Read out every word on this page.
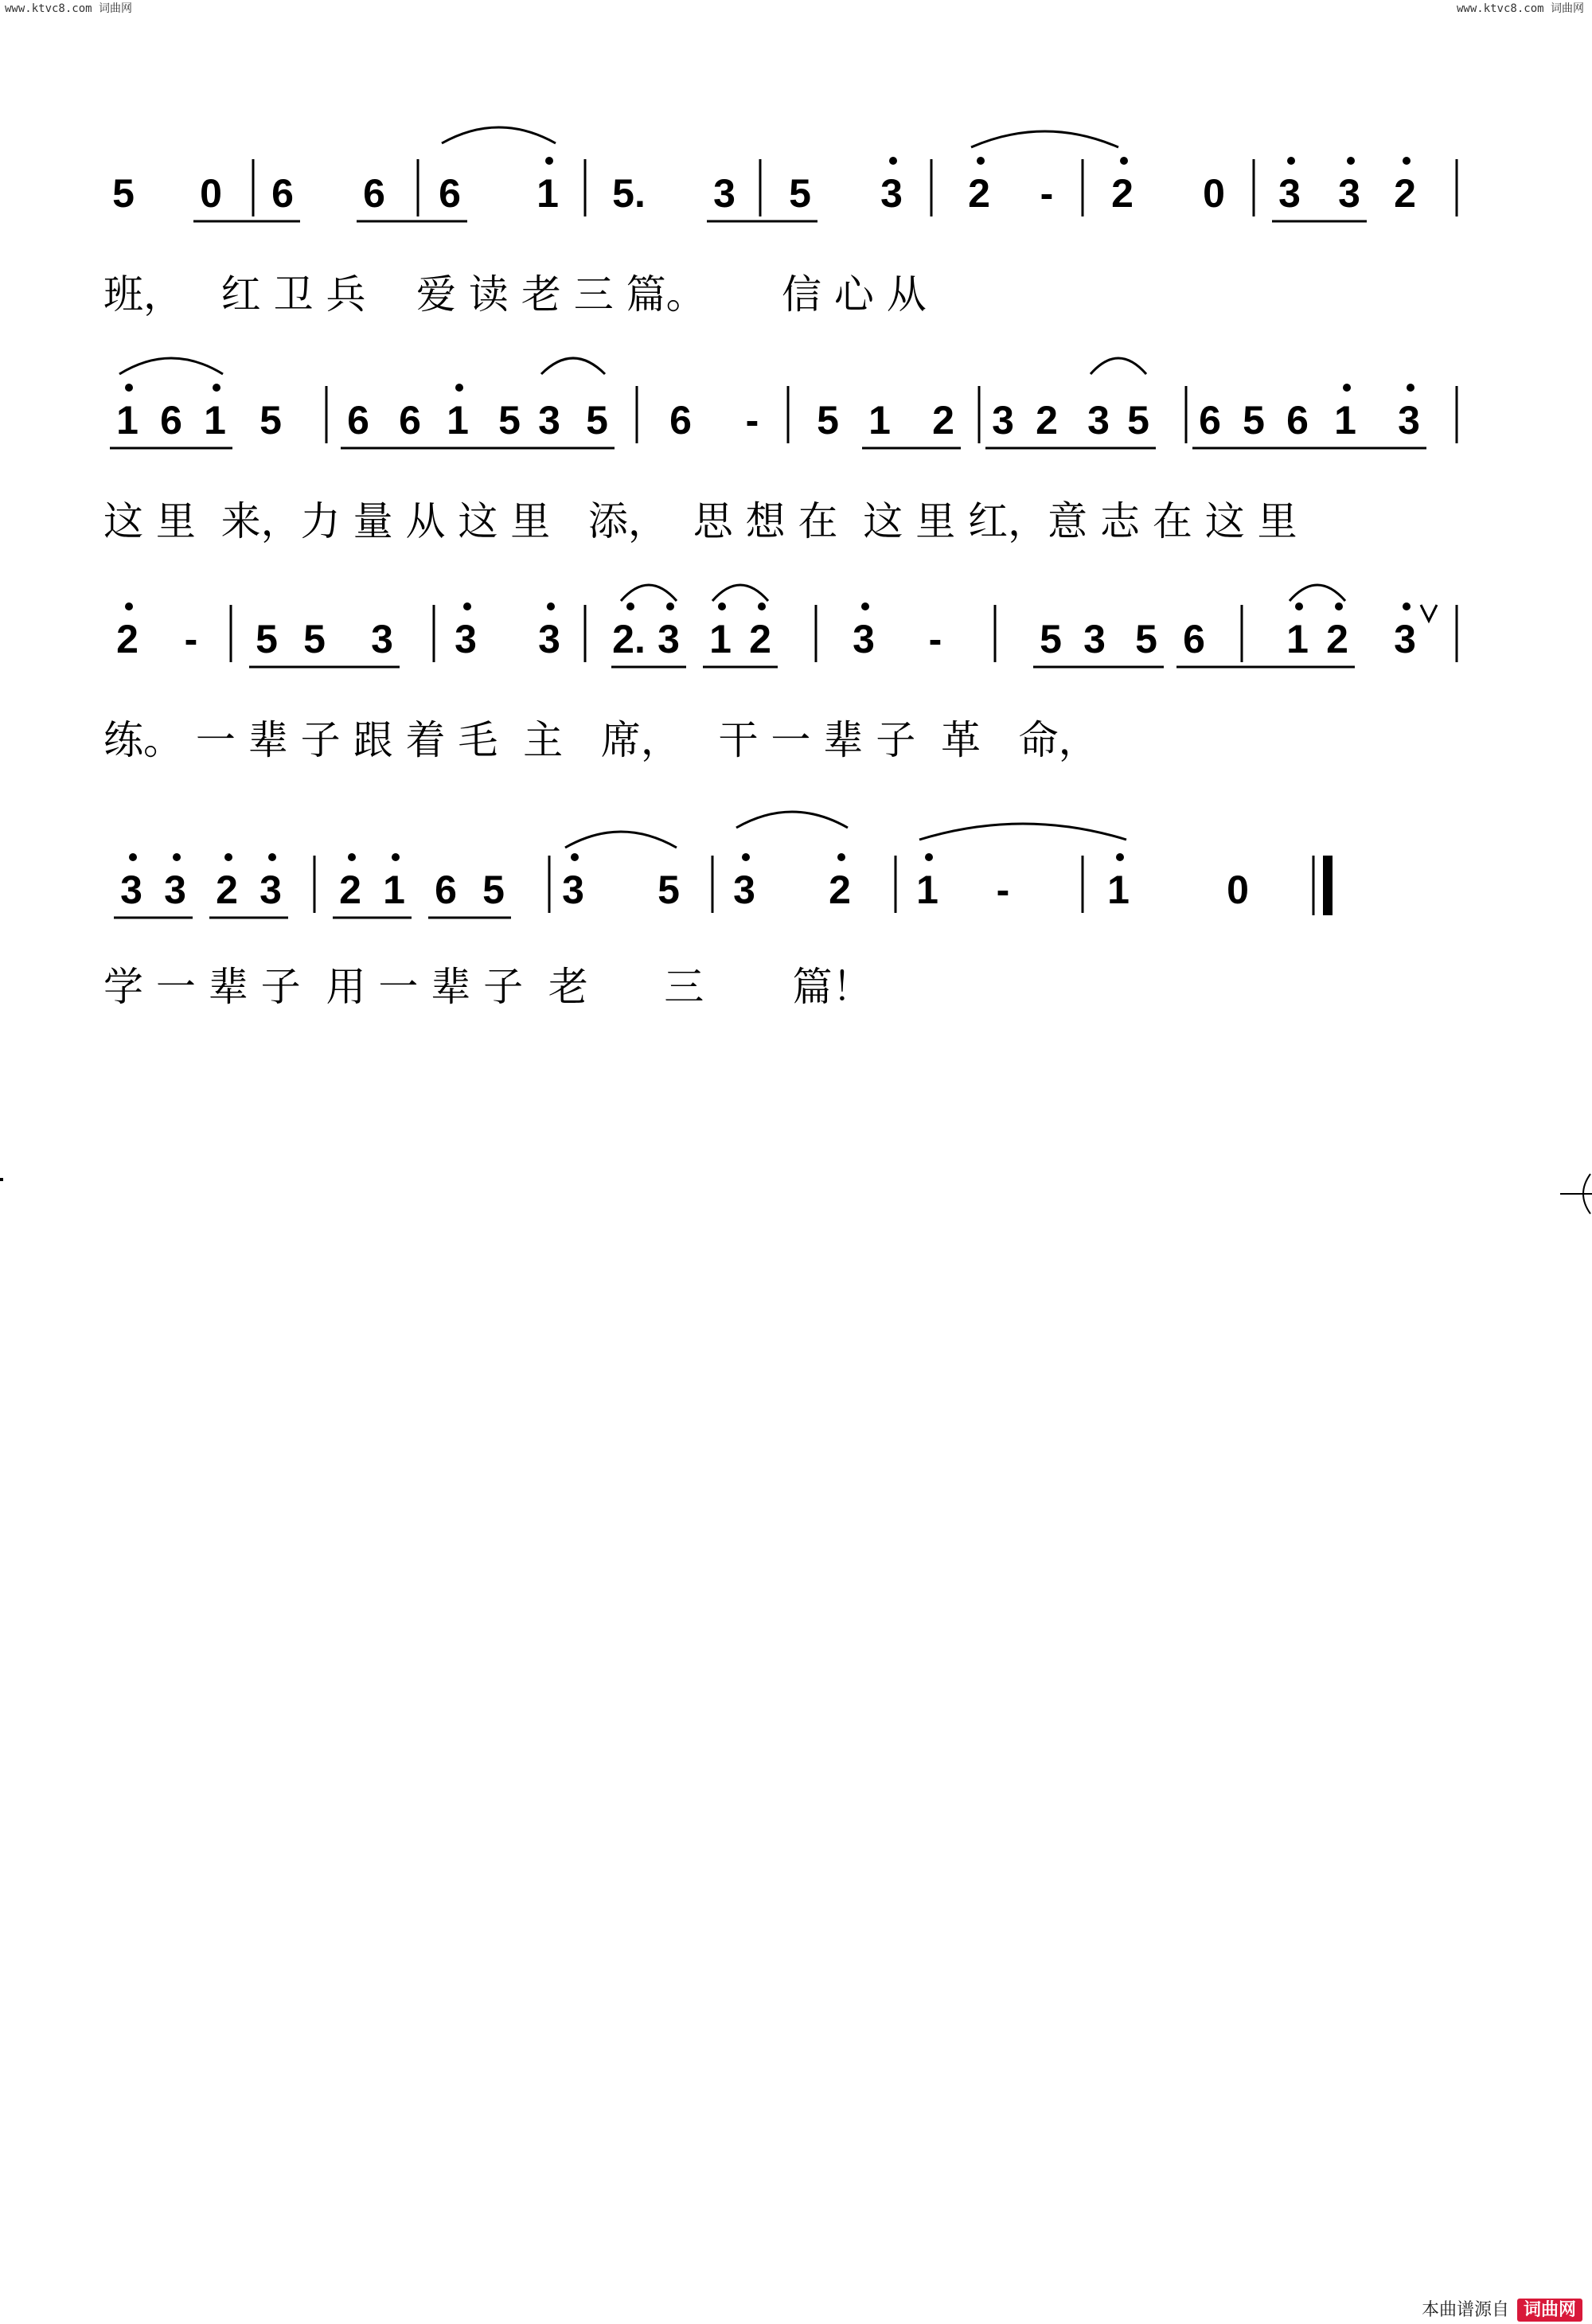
www.ktvc8.com 词曲网	www.ktvc8.com 词曲网
5 0 6 6 6 1 5. 3 5 3 2 - 2 0 3 3 2
1 6 1 5 6 6 1 5 3 5 6 - 5 1 2 3 2 3 5 6 5 6 1 3
2 - 5 5 3 3 3 2. 3 1 2 3 - 5 3 5 6 1 2 3
3 3 2 3 2 1 6 5 3 5 3 2 1 - 1 0
班，   红 卫 兵    爱 读 老 三 篇。      信 心 从
这 里  来，力 量 从 这 里   添，  思 想 在  这 里 红，意 志 在 这 里
练。 一 辈 子 跟 着 毛  主   席，   干 一 辈 子  革   命，
学 一 辈 子  用 一 辈 子  老      三       篇！
本曲谱源自 词曲网
